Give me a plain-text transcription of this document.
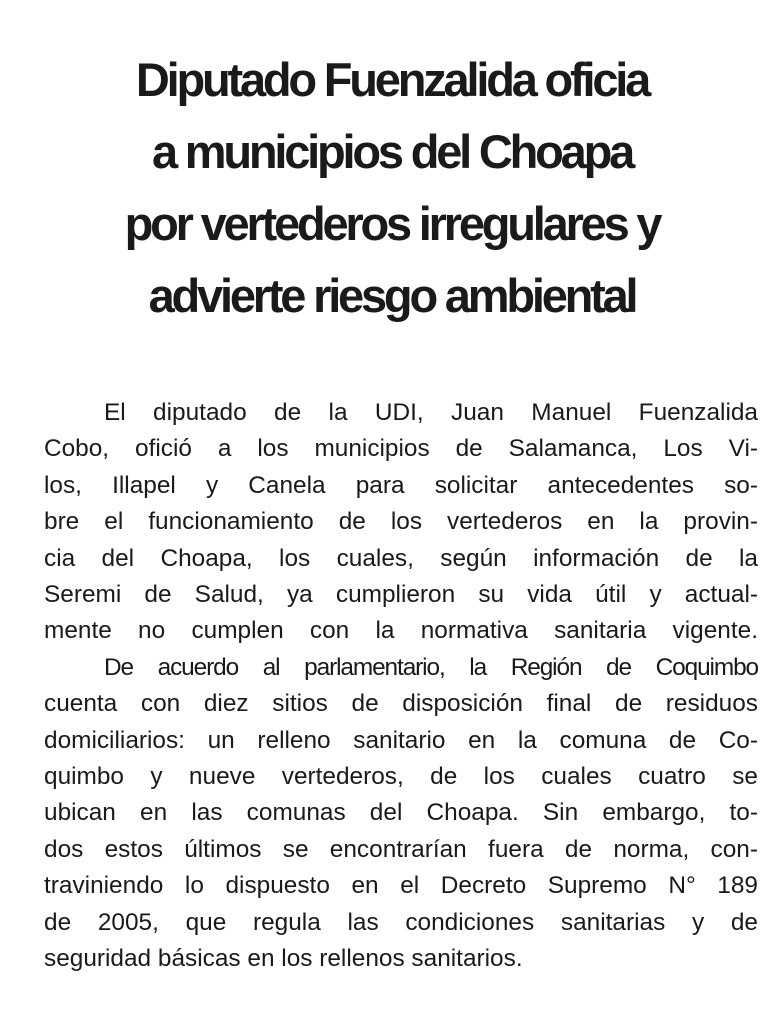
Diputado Fuenzalida oficia
a municipios del Choapa
por vertederos irregulares y
advierte riesgo ambiental
El diputado de la UDI, Juan Manuel Fuenzalida
Cobo, ofició a los municipios de Salamanca, Los Vi-
los, Illapel y Canela para solicitar antecedentes so-
bre el funcionamiento de los vertederos en la provin-
cia del Choapa, los cuales, según información de la
Seremi de Salud, ya cumplieron su vida útil y actual-
mente no cumplen con la normativa sanitaria vigente.
De acuerdo al parlamentario, la Región de Coquimbo
cuenta con diez sitios de disposición final de residuos
domiciliarios: un relleno sanitario en la comuna de Co-
quimbo y nueve vertederos, de los cuales cuatro se
ubican en las comunas del Choapa. Sin embargo, to-
dos estos últimos se encontrarían fuera de norma, con-
traviniendo lo dispuesto en el Decreto Supremo N° 189
de 2005, que regula las condiciones sanitarias y de
seguridad básicas en los rellenos sanitarios.
